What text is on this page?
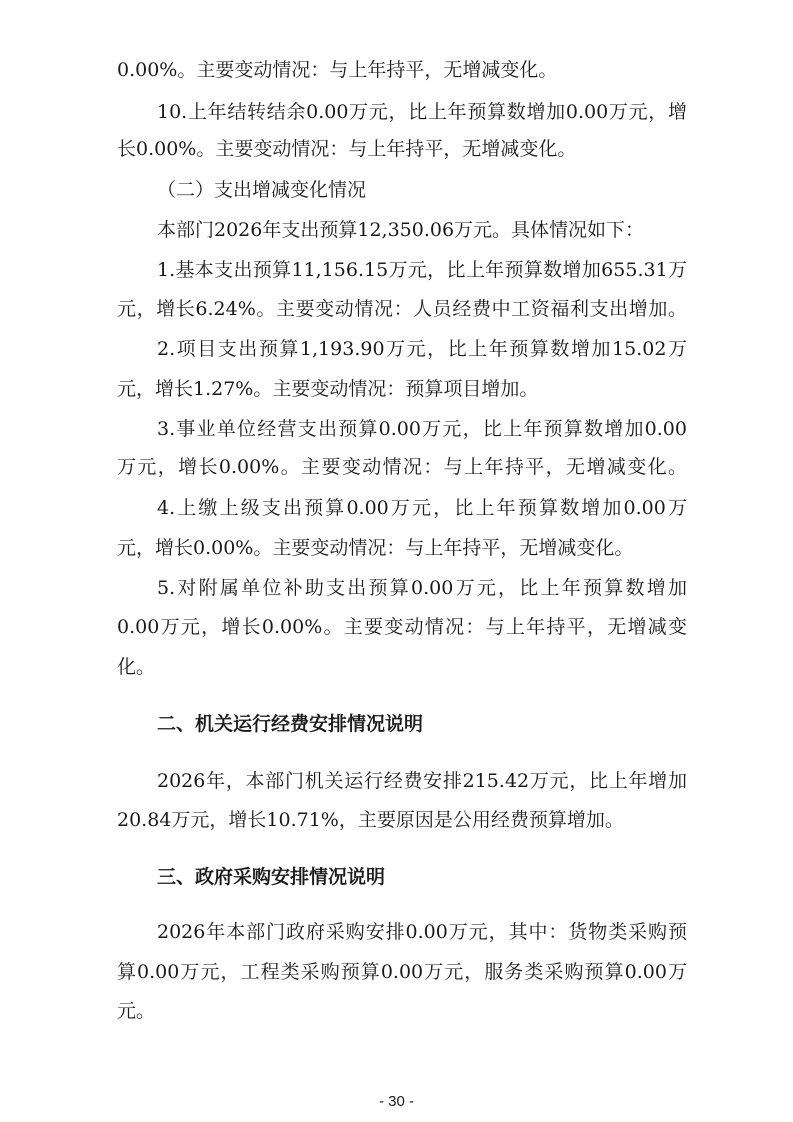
0.00%。主要变动情况：与上年持平，无增减变化。
10.上年结转结余0.00万元，比上年预算数增加0.00万元，增
长0.00%。主要变动情况：与上年持平，无增减变化。
（二）支出增减变化情况
本部门2026年支出预算12,350.06万元。具体情况如下：
1.基本支出预算11,156.15万元，比上年预算数增加655.31万
元，增长6.24%。主要变动情况：人员经费中工资福利支出增加。
2.项目支出预算1,193.90万元，比上年预算数增加15.02万
元，增长1.27%。主要变动情况：预算项目增加。
3.事业单位经营支出预算0.00万元，比上年预算数增加0.00
万元，增长0.00%。主要变动情况：与上年持平，无增减变化。
4.上缴上级支出预算0.00万元，比上年预算数增加0.00万
元，增长0.00%。主要变动情况：与上年持平，无增减变化。
5.对附属单位补助支出预算0.00万元，比上年预算数增加
0.00万元，增长0.00%。主要变动情况：与上年持平，无增减变
化。
二、机关运行经费安排情况说明
2026年，本部门机关运行经费安排215.42万元，比上年增加
20.84万元，增长10.71%，主要原因是公用经费预算增加。
三、政府采购安排情况说明
2026年本部门政府采购安排0.00万元，其中：货物类采购预
算0.00万元，工程类采购预算0.00万元，服务类采购预算0.00万
元。
- 30 -
